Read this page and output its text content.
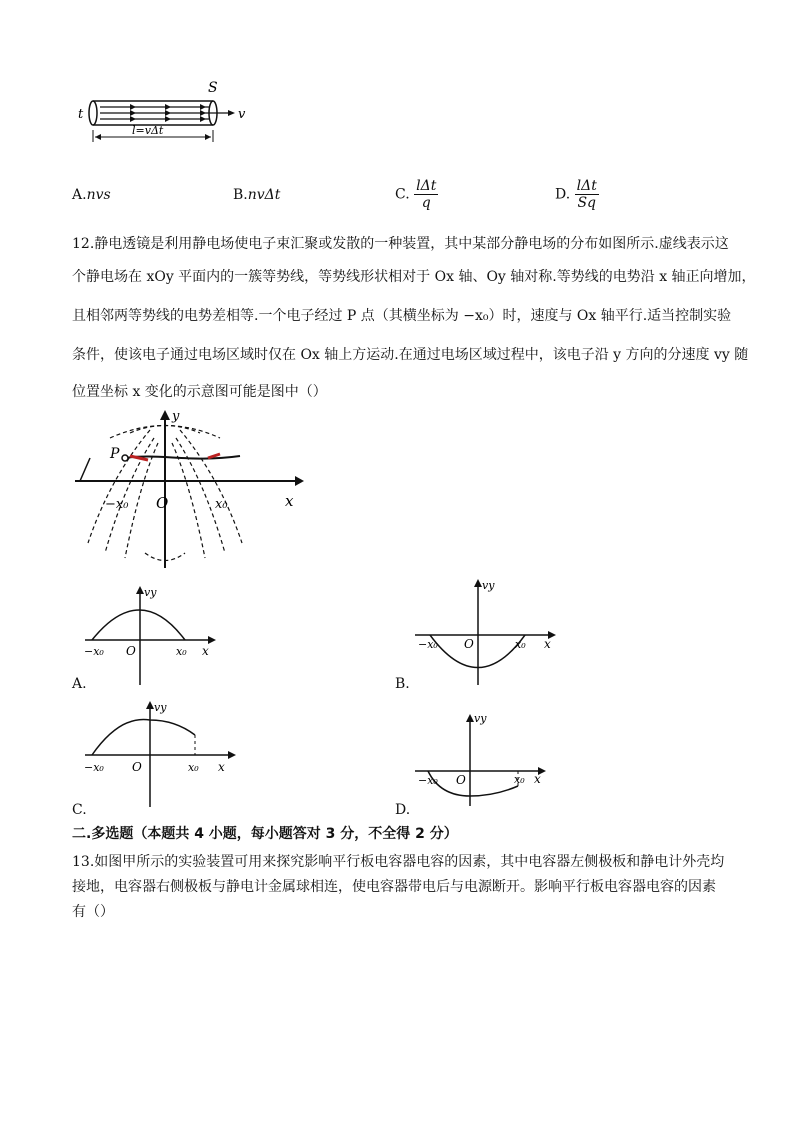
S
v
t
l=vΔt
A.nvs	B.nvΔt	C. $\frac{\text{lΔt}}{q}$	D. $\frac{\text{lΔt}}{Sq}$
12.静电透镜是利用静电场使电子束汇聚或发散的一种装置，其中某部分静电场的分布如图所示.虚线表示这
个静电场在 xOy 平面内的一簇等势线，等势线形状相对于 Ox 轴、Oy 轴对称.等势线的电势沿 x 轴正向增加，
且相邻两等势线的电势差相等.一个电子经过 P 点（其横坐标为 −x₀）时，速度与 Ox 轴平行.适当控制实验
条件，使该电子通过电场区域时仅在 Ox 轴上方运动.在通过电场区域过程中，该电子沿 y 方向的分速度 vy 随
位置坐标 x 变化的示意图可能是图中（）
y
P
O
−x₀	x₀	x
vy
−x₀ O	x₀ x
A.
vy
−x₀ O	x₀ x
B.
vy
−x₀ O	x₀ x
C.
vy
−x₀ O	x₀ x
D.
二.多选题（本题共 4 小题，每小题答对 3 分，不全得 2 分）
13.如图甲所示的实验装置可用来探究影响平行板电容器电容的因素，其中电容器左侧极板和静电计外壳均
接地，电容器右侧极板与静电计金属球相连，使电容器带电后与电源断开。影响平行板电容器电容的因素
有（）
